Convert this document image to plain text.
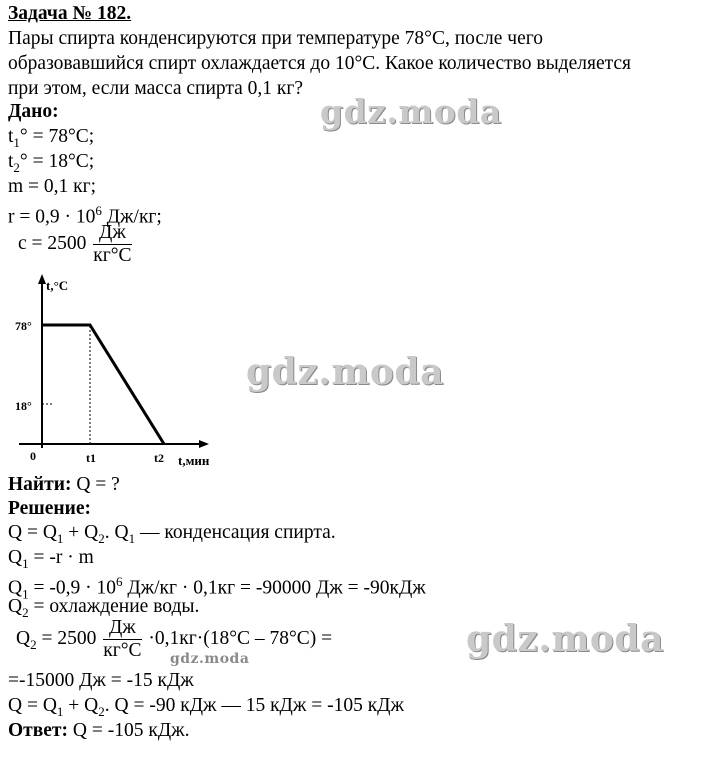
Задача № 182.
Пары спирта конденсируются при температуре 78°С, после чего
образовавшийся спирт охлаждается до 10°С. Какое количество выделяется
при этом, если масса спирта 0,1 кг?
Дано:
$t_1^\circ = 78^\circ С$;
$t_2^\circ = 18^\circ С$;
m = 0,1 кг;
$r = 0,9 \cdot 10^6$ Дж/кг;
$c = 2500 \frac{Дж}{кг^\circ С}$
t,°C
t,мин
78°
18°
0	t1	t2
Найти: Q = ?
Решение:
$Q = Q_1 + Q_2$. $Q_1$ — конденсация спирта.
$Q_1 = -r \cdot m$
$Q_1 = -0,9 \cdot 10^6$ Дж/кг · 0,1кг = -90000 Дж = -90кДж
$Q_2$ = охлаждение воды.
$Q_2 = 2500 \frac{Дж}{кг^\circ С} \cdot 0,1кг\cdot(18^\circ С - 78^\circ С)$ =
=-15000 Дж = -15 кДж
$Q = Q_1 + Q_2$. Q = -90 кДж — 15 кДж = -105 кДж
Ответ: Q = -105 кДж.
gdz.moda
gdz.moda
gdz.moda
gdz.moda
